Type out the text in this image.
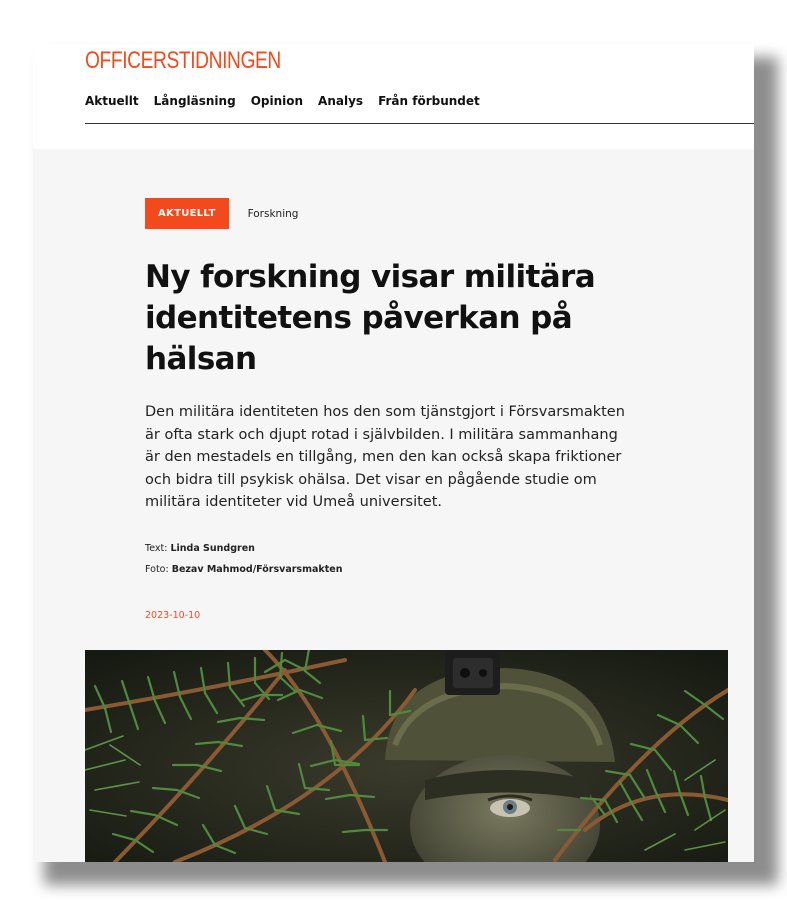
OFFICERSTIDNINGEN
Aktuellt Långläsning Opinion Analys Från förbundet
AKTUELLT	Forskning
Ny forskning visar militära identitetens påverkan på hälsan

Den militära identiteten hos den som tjänstgjort i Försvarsmakten är ofta stark och djupt rotad i självbilden. I militära sammanhang är den mestadels en tillgång, men den kan också skapa friktioner och bidra till psykisk ohälsa. Det visar en pågående studie om militära identiteter vid Umeå universitet.

Text: Linda Sundgren
Foto: Bezav Mahmod/Försvarsmakten
2023-10-10
